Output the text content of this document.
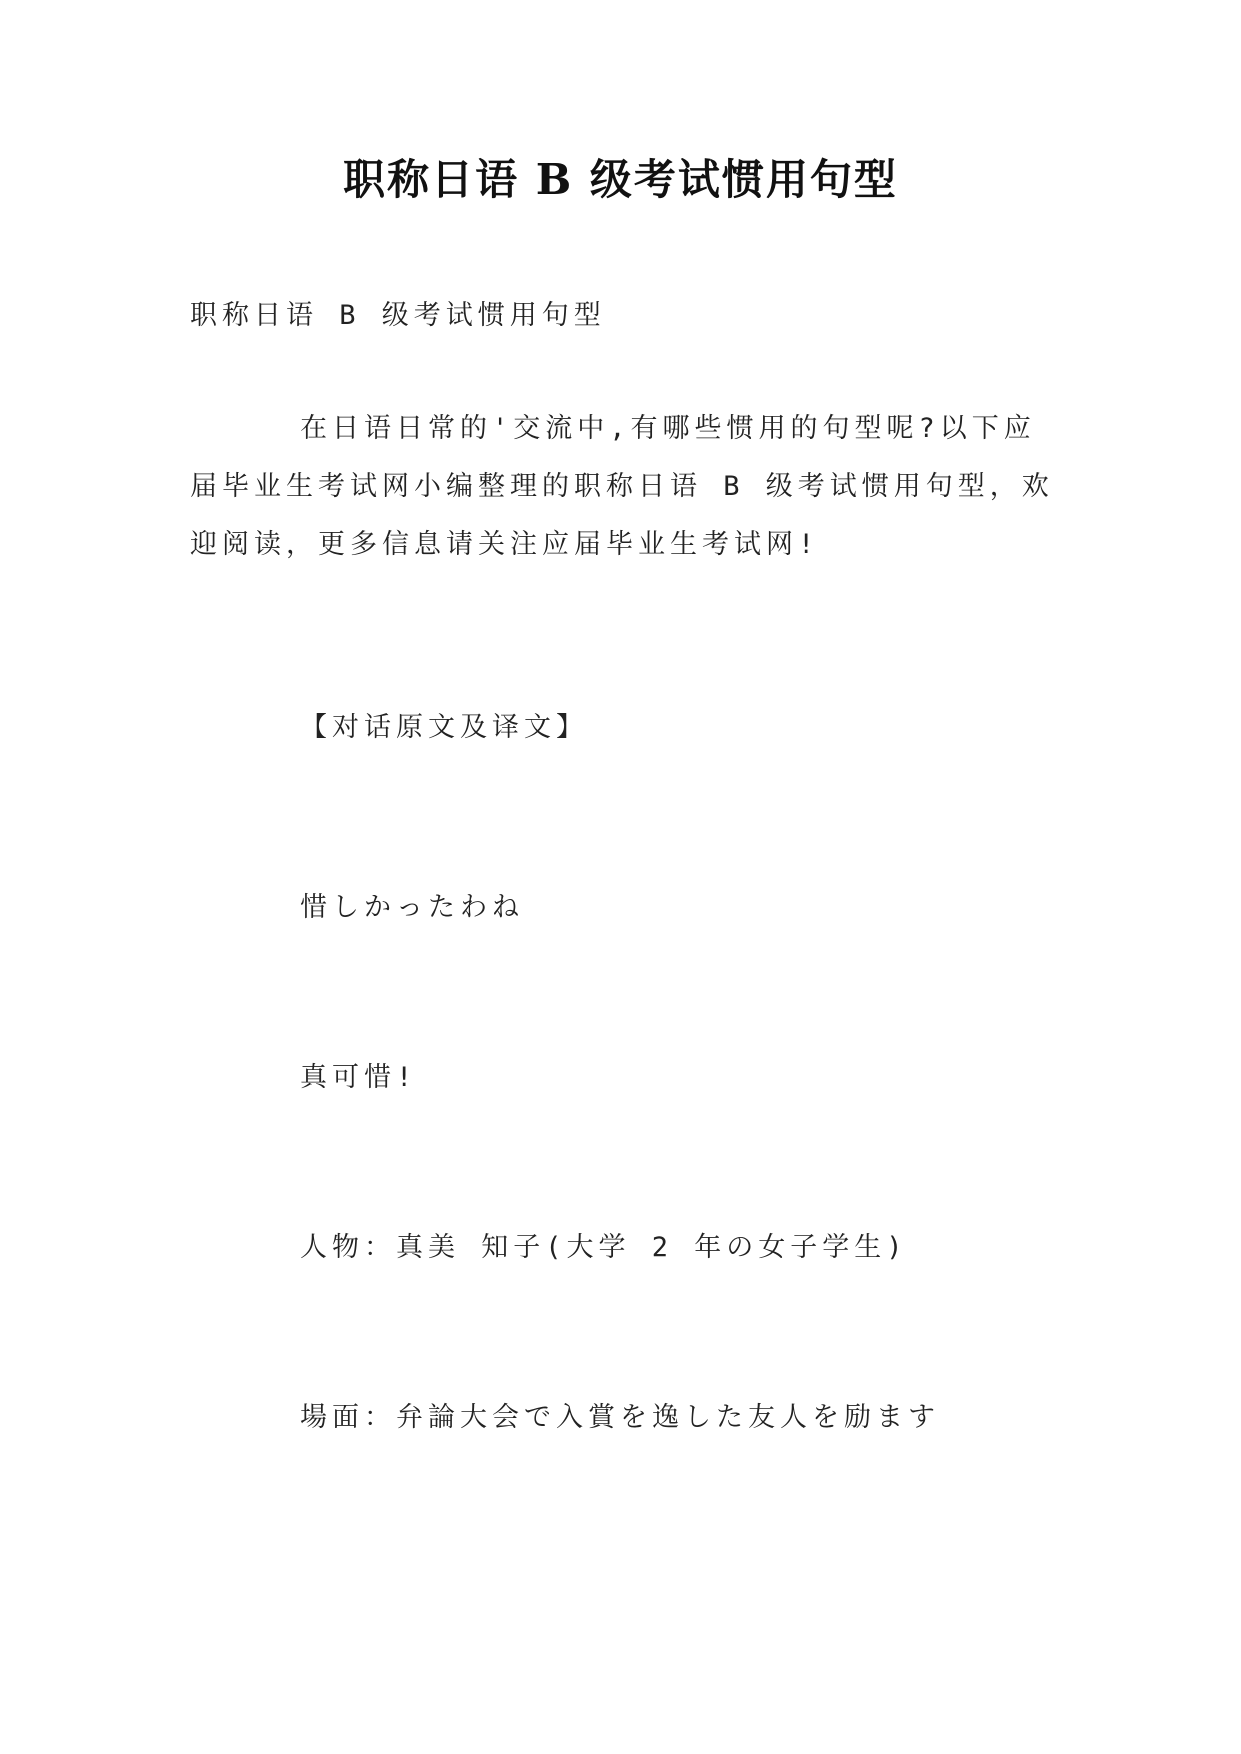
职称日语 B 级考试惯用句型
职称日语 B 级考试惯用句型
在日语日常的'交流中,有哪些惯用的句型呢?以下应
届毕业生考试网小编整理的职称日语 B 级考试惯用句型，欢
迎阅读，更多信息请关注应届毕业生考试网!
【对话原文及译文】
惜しかったわね
真可惜!
人物：真美 知子(大学 2 年の女子学生)
場面：弁論大会で入賞を逸した友人を励ます
